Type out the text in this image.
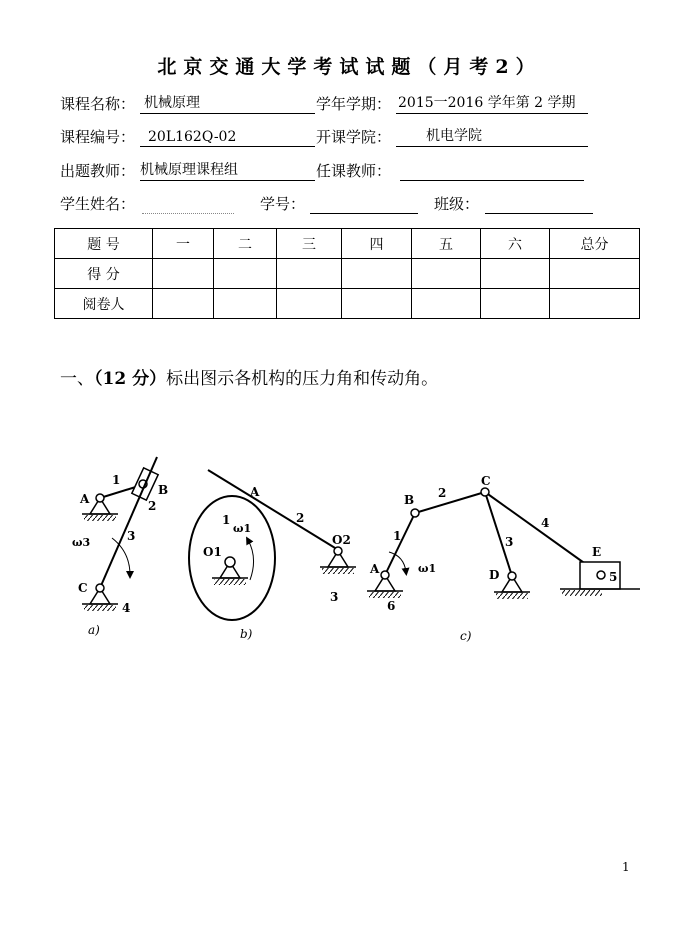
北京交通大学考试试题（月考2）
课程名称： 机械原理	学年学期： 2015一2016 学年第 2 学期
课程编号： 20L162Q-02	开课学院： 机电学院
出题教师： 机械原理课程组	任课教师：
学生姓名：	学号：	班级：
题 号	一	二	三	四	五	六	总分
得 分							
阅卷人							
一、（12 分）标出图示各机构的压力角和传动角。
1
A
B
2
3
ω3
C
4
a)
A
1
ω1
2
O1
O2
3
b)
B 2
C
4
1	3
E
A	ω1	D	5
6
c)
1
